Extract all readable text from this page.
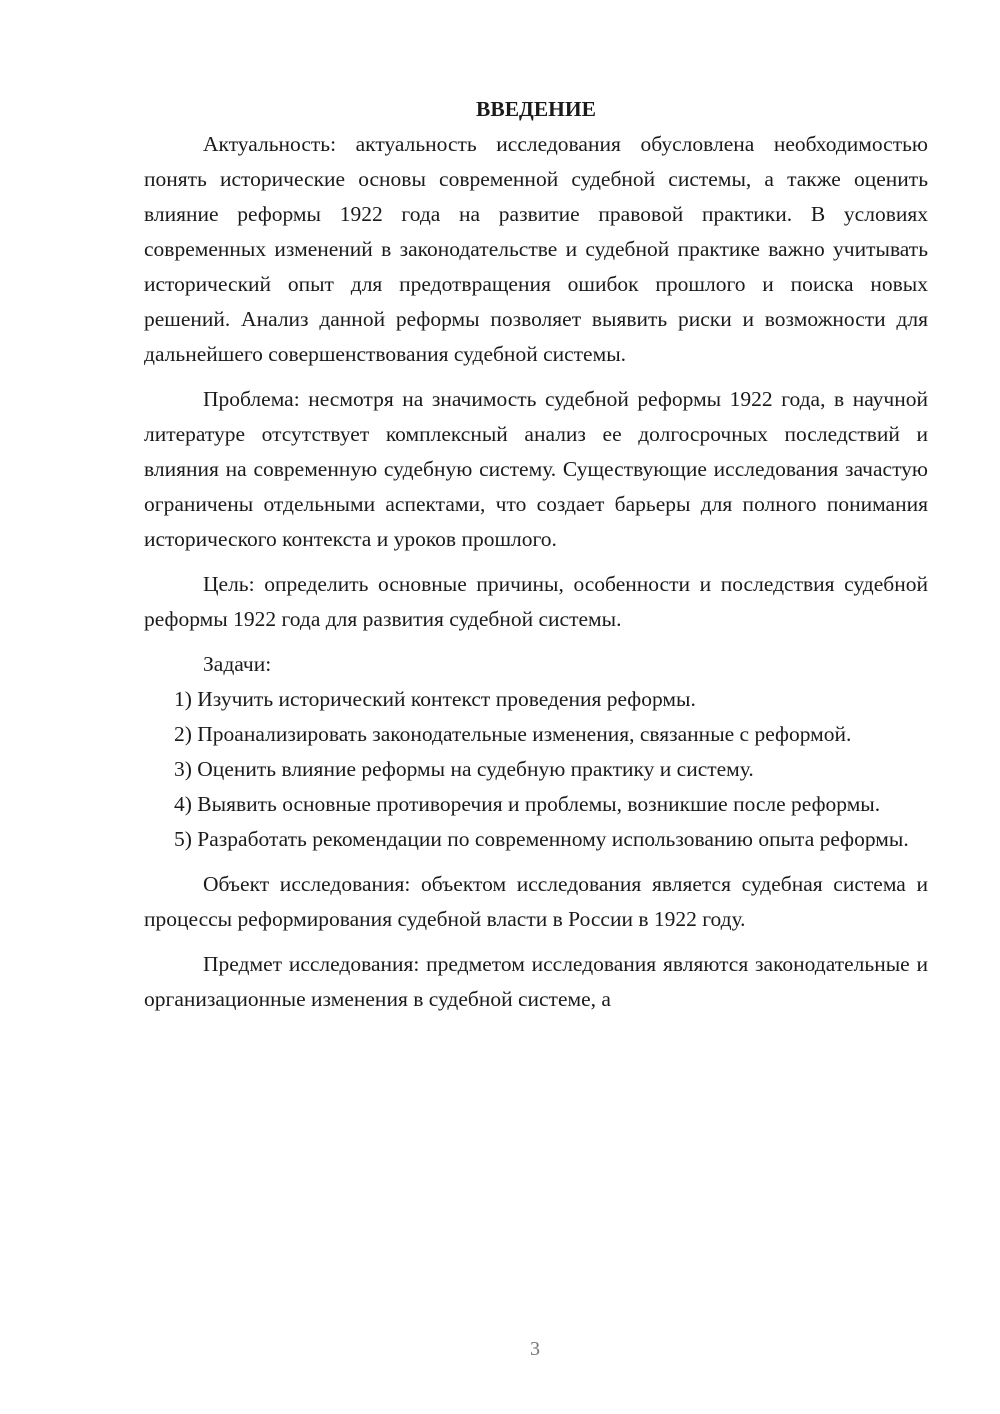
ВВЕДЕНИЕ

Актуальность: актуальность исследования обусловлена необходимостью понять исторические основы современной судебной системы, а также оценить влияние реформы 1922 года на развитие правовой практики. В условиях современных изменений в законодательстве и судебной практике важно учитывать исторический опыт для предотвращения ошибок прошлого и поиска новых решений. Анализ данной реформы позволяет выявить риски и возможности для дальнейшего совершенствования судебной системы.

Проблема: несмотря на значимость судебной реформы 1922 года, в научной литературе отсутствует комплексный анализ ее долгосрочных последствий и влияния на современную судебную систему. Существующие исследования зачастую ограничены отдельными аспектами, что создает барьеры для полного понимания исторического контекста и уроков прошлого.

Цель: определить основные причины, особенности и последствия судебной реформы 1922 года для развития судебной системы.

Задачи:

1) Изучить исторический контекст проведения реформы.

2) Проанализировать законодательные изменения, связанные с реформой.

3) Оценить влияние реформы на судебную практику и систему.

4) Выявить основные противоречия и проблемы, возникшие после реформы.

5) Разработать рекомендации по современному использованию опыта реформы.

Объект исследования: объектом исследования является судебная система и процессы реформирования судебной власти в России в 1922 году.

Предмет исследования: предметом исследования являются законодательные и организационные изменения в судебной системе, а

3
